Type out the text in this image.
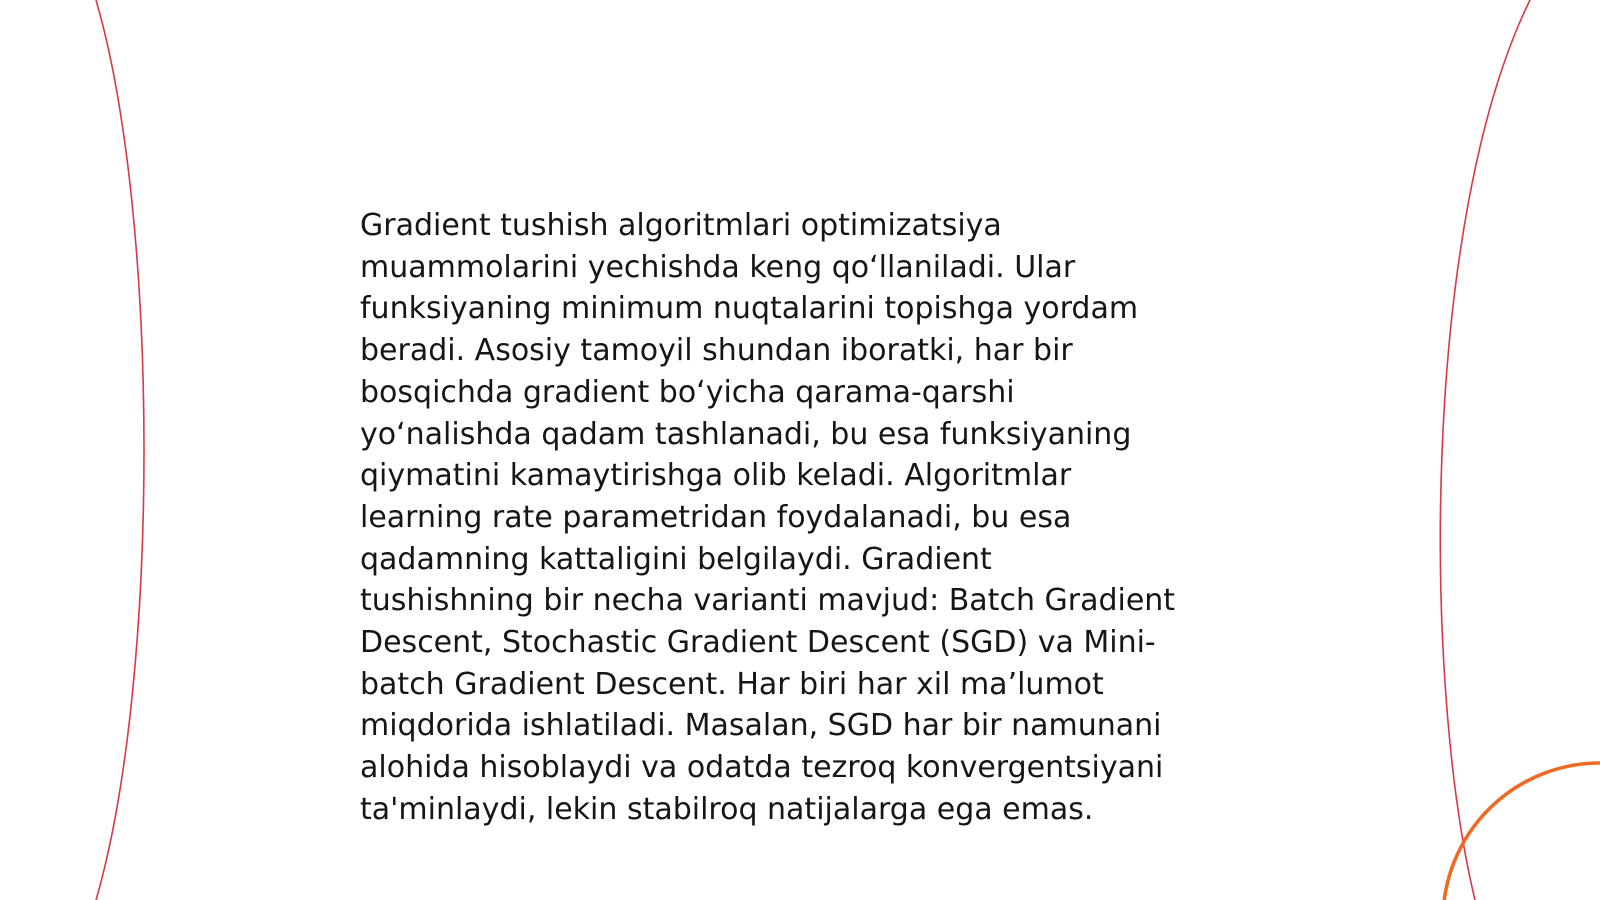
Gradient tushish algoritmlari optimizatsiya
muammolarini yechishda keng qo‘llaniladi. Ular
funksiyaning minimum nuqtalarini topishga yordam
beradi. Asosiy tamoyil shundan iboratki, har bir
bosqichda gradient bo‘yicha qarama-qarshi
yo‘nalishda qadam tashlanadi, bu esa funksiyaning
qiymatini kamaytirishga olib keladi. Algoritmlar
learning rate parametridan foydalanadi, bu esa
qadamning kattaligini belgilaydi. Gradient
tushishning bir necha varianti mavjud: Batch Gradient
Descent, Stochastic Gradient Descent (SGD) va Mini-
batch Gradient Descent. Har biri har xil ma’lumot
miqdorida ishlatiladi. Masalan, SGD har bir namunani
alohida hisoblaydi va odatda tezroq konvergentsiyani
ta'minlaydi, lekin stabilroq natijalarga ega emas.
